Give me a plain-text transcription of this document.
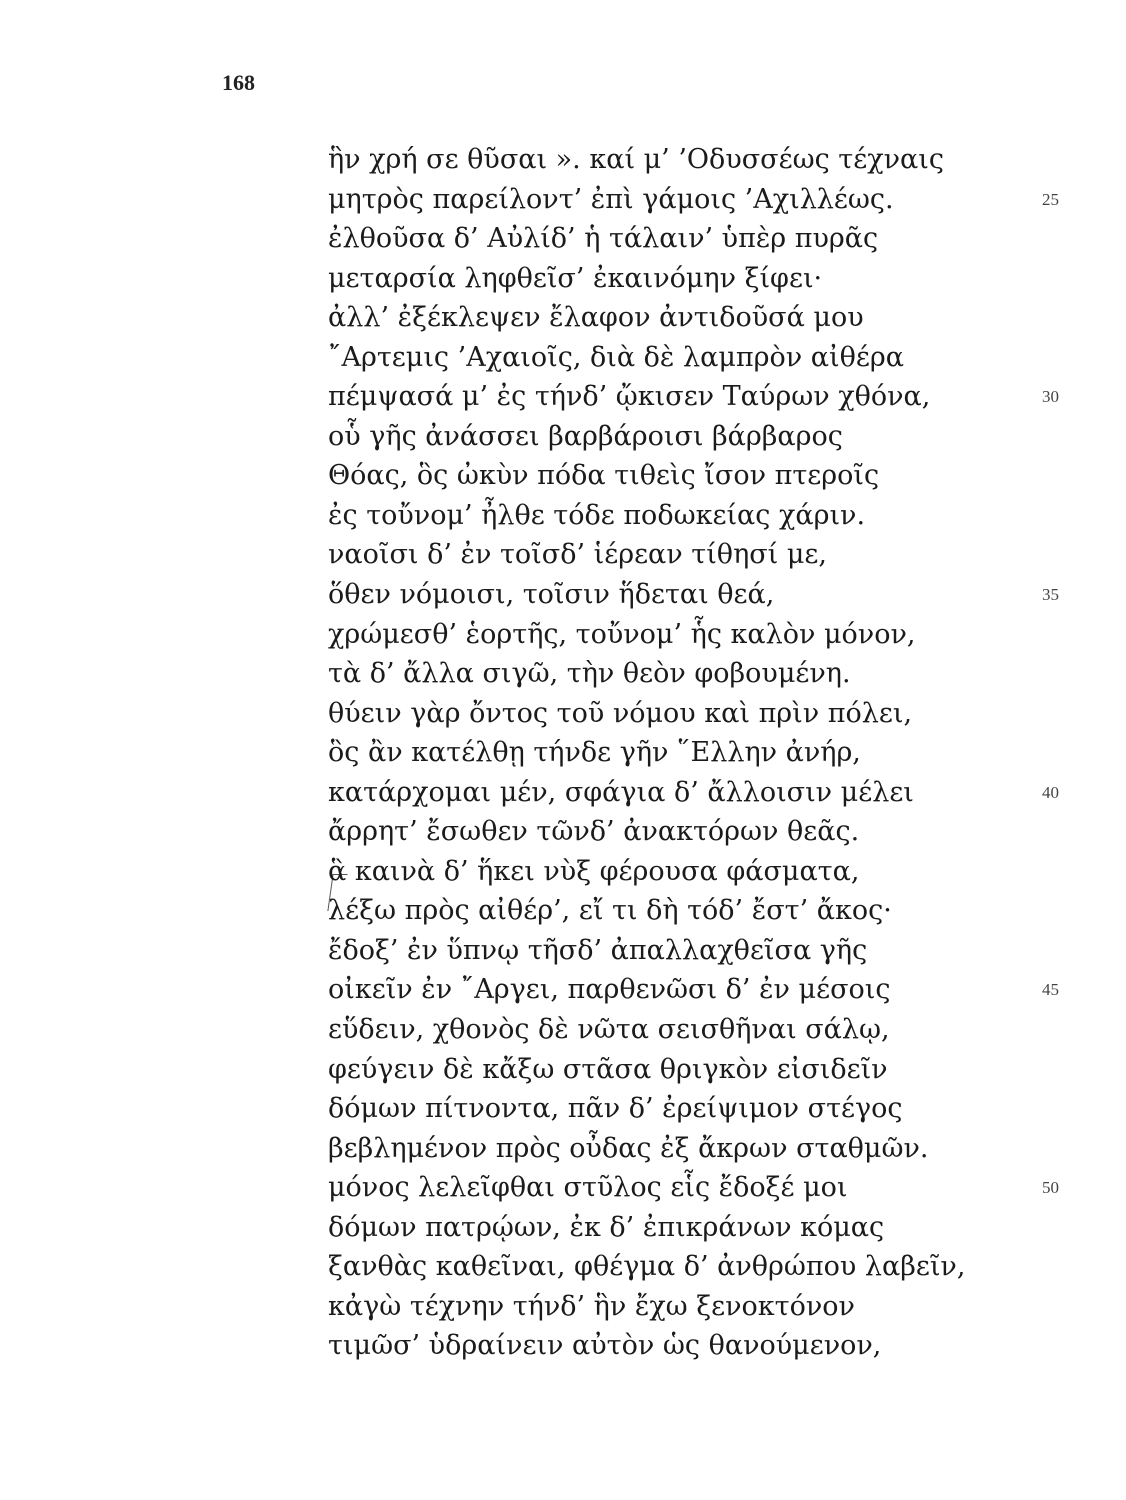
168
ἣν χρή σε θῦσαι ». καί μ’ ’Οδυσσέως τέχναις
μητρὸς παρείλοντ’ ἐπὶ γάμοις ’Αχιλλέως.	25
ἐλθοῦσα δ’ Αὐλίδ’ ἡ τάλαιν’ ὑπὲρ πυρᾶς
μεταρσία ληφθεῖσ’ ἐκαινόμην ξίφει·
ἀλλ’ ἐξέκλεψεν ἔλαφον ἀντιδοῦσά μου
῎Αρτεμις ’Αχαιοῖς, διὰ δὲ λαμπρὸν αἰθέρα
πέμψασά μ’ ἐς τήνδ’ ᾤκισεν Ταύρων χθόνα,	30
οὗ γῆς ἀνάσσει βαρβάροισι βάρβαρος
Θόας, ὃς ὠκὺν πόδα τιθεὶς ἴσον πτεροῖς
ἐς τοὔνομ’ ἦλθε τόδε ποδωκείας χάριν.
ναοῖσι δ’ ἐν τοῖσδ’ ἱέρεαν τίθησί με,
ὅθεν νόμοισι, τοῖσιν ἥδεται θεά,	35
χρώμεσθ’ ἑορτῆς, τοὔνομ’ ἧς καλὸν μόνον,
τὰ δ’ ἄλλα σιγῶ, τὴν θεὸν φοβουμένη.
θύειν γὰρ ὄντος τοῦ νόμου καὶ πρὶν πόλει,
ὃς ἂν κατέλθῃ τήνδε γῆν ῞Ελλην ἀνήρ,
κατάρχομαι μέν, σφάγια δ’ ἄλλοισιν μέλει	40
ἄρρητ’ ἔσωθεν τῶνδ’ ἀνακτόρων θεᾶς.
ἃ καινὰ δ’ ἥκει νὺξ φέρουσα φάσματα,
λέξω πρὸς αἰθέρ’, εἴ τι δὴ τόδ’ ἔστ’ ἄκος·
ἔδοξ’ ἐν ὕπνῳ τῆσδ’ ἀπαλλαχθεῖσα γῆς
οἰκεῖν ἐν ῎Αργει, παρθενῶσι δ’ ἐν μέσοις	45
εὕδειν, χθονὸς δὲ νῶτα σεισθῆναι σάλῳ,
φεύγειν δὲ κἄξω στᾶσα θριγκὸν εἰσιδεῖν
δόμων πίτνοντα, πᾶν δ’ ἐρείψιμον στέγος
βεβλημένον πρὸς οὖδας ἐξ ἄκρων σταθμῶν.
μόνος λελεῖφθαι στῦλος εἷς ἔδοξέ μοι	50
δόμων πατρῴων, ἐκ δ’ ἐπικράνων κόμας
ξανθὰς καθεῖναι, φθέγμα δ’ ἀνθρώπου λαβεῖν,
κἀγὼ τέχνην τήνδ’ ἣν ἔχω ξενοκτόνον
τιμῶσ’ ὑδραίνειν αὐτὸν ὡς θανούμενον,
